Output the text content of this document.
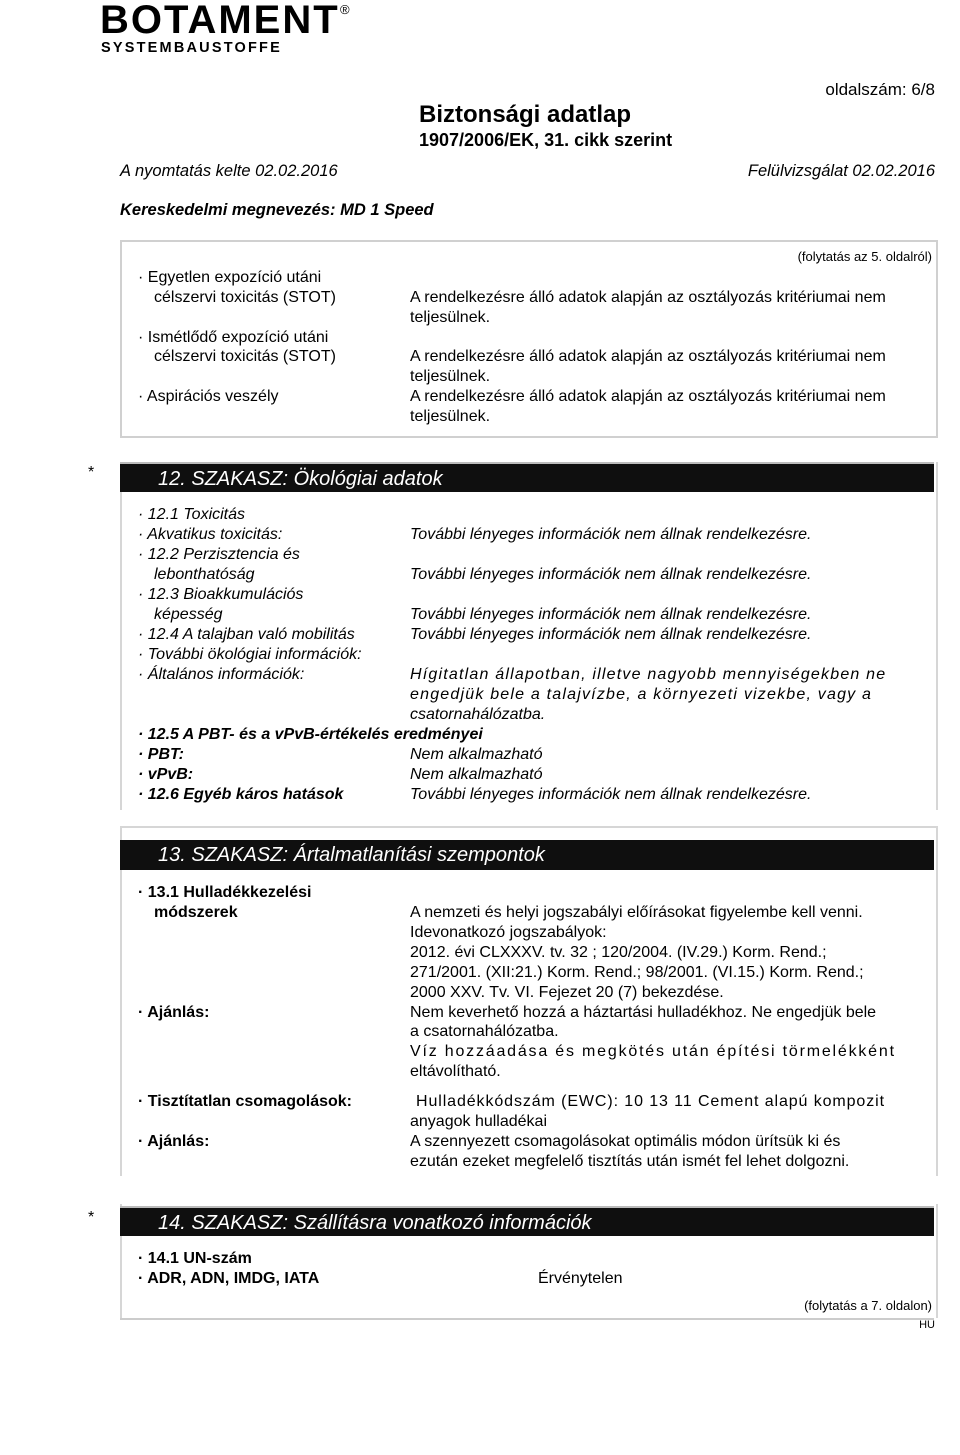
BOTAMENT ®
SYSTEMBAUSTOFFE
oldalszám: 6/8
Biztonsági adatlap
1907/2006/EK, 31. cikk szerint
A nyomtatás kelte 02.02.2016	Felülvizsgálat 02.02.2016
Kereskedelmi megnevezés: MD 1 Speed
(folytatás az 5. oldalról)
· Egyetlen expozíció utáni
célszervi toxicitás (STOT)	A rendelkezésre álló adatok alapján az osztályozás kritériumai nem teljesülnek.
· Ismétlődő expozíció utáni
célszervi toxicitás (STOT)	A rendelkezésre álló adatok alapján az osztályozás kritériumai nem teljesülnek.
· Aspirációs veszély	A rendelkezésre álló adatok alapján az osztályozás kritériumai nem teljesülnek.
*	12. SZAKASZ: Ökológiai adatok
· 12.1 Toxicitás
· Akvatikus toxicitás:	További lényeges információk nem állnak rendelkezésre.
· 12.2 Perzisztencia és
lebonthatóság	További lényeges információk nem állnak rendelkezésre.
· 12.3 Bioakkumulációs
képesség	További lényeges információk nem állnak rendelkezésre.
· 12.4 A talajban való mobilitás	További lényeges információk nem állnak rendelkezésre.
· További ökológiai információk:
· Általános információk:	Hígitatlan állapotban, illetve nagyobb mennyiségekben ne
engedjük bele a talajvízbe, a környezeti vizekbe, vagy a
csatornahálózatba.
· 12.5 A PBT- és a vPvB-értékelés eredményei
· PBT:	Nem alkalmazható
· vPvB:	Nem alkalmazható
· 12.6 Egyéb káros hatások	További lényeges információk nem állnak rendelkezésre.
13. SZAKASZ: Ártalmatlanítási szempontok
· 13.1 Hulladékkezelési
módszerek	A nemzeti és helyi jogszabályi előírásokat figyelembe kell venni.
Idevonatkozó jogszabályok:
2012. évi CLXXXV. tv. 32 ; 120/2004. (IV.29.) Korm. Rend.;
271/2001. (XII:21.) Korm. Rend.; 98/2001. (VI.15.) Korm. Rend.;
2000 XXV. Tv. VI. Fejezet 20 (7) bekezdése.
· Ajánlás:	Nem keverhető hozzá a háztartási hulladékhoz. Ne engedjük bele
a csatornahálózatba.
Víz hozzáadása és megkötés után építési törmelékként
eltávolítható.
· Tisztítatlan csomagolások:	Hulladékkódszám (EWC): 10 13 11 Cement alapú kompozit
anyagok hulladékai
· Ajánlás:	A szennyezett csomagolásokat optimális módon ürítsük ki és
ezután ezeket megfelelő tisztítás után ismét fel lehet dolgozni.
*	14. SZAKASZ: Szállításra vonatkozó információk
· 14.1 UN-szám
· ADR, ADN, IMDG, IATA	Érvénytelen
(folytatás a 7. oldalon)
HU
